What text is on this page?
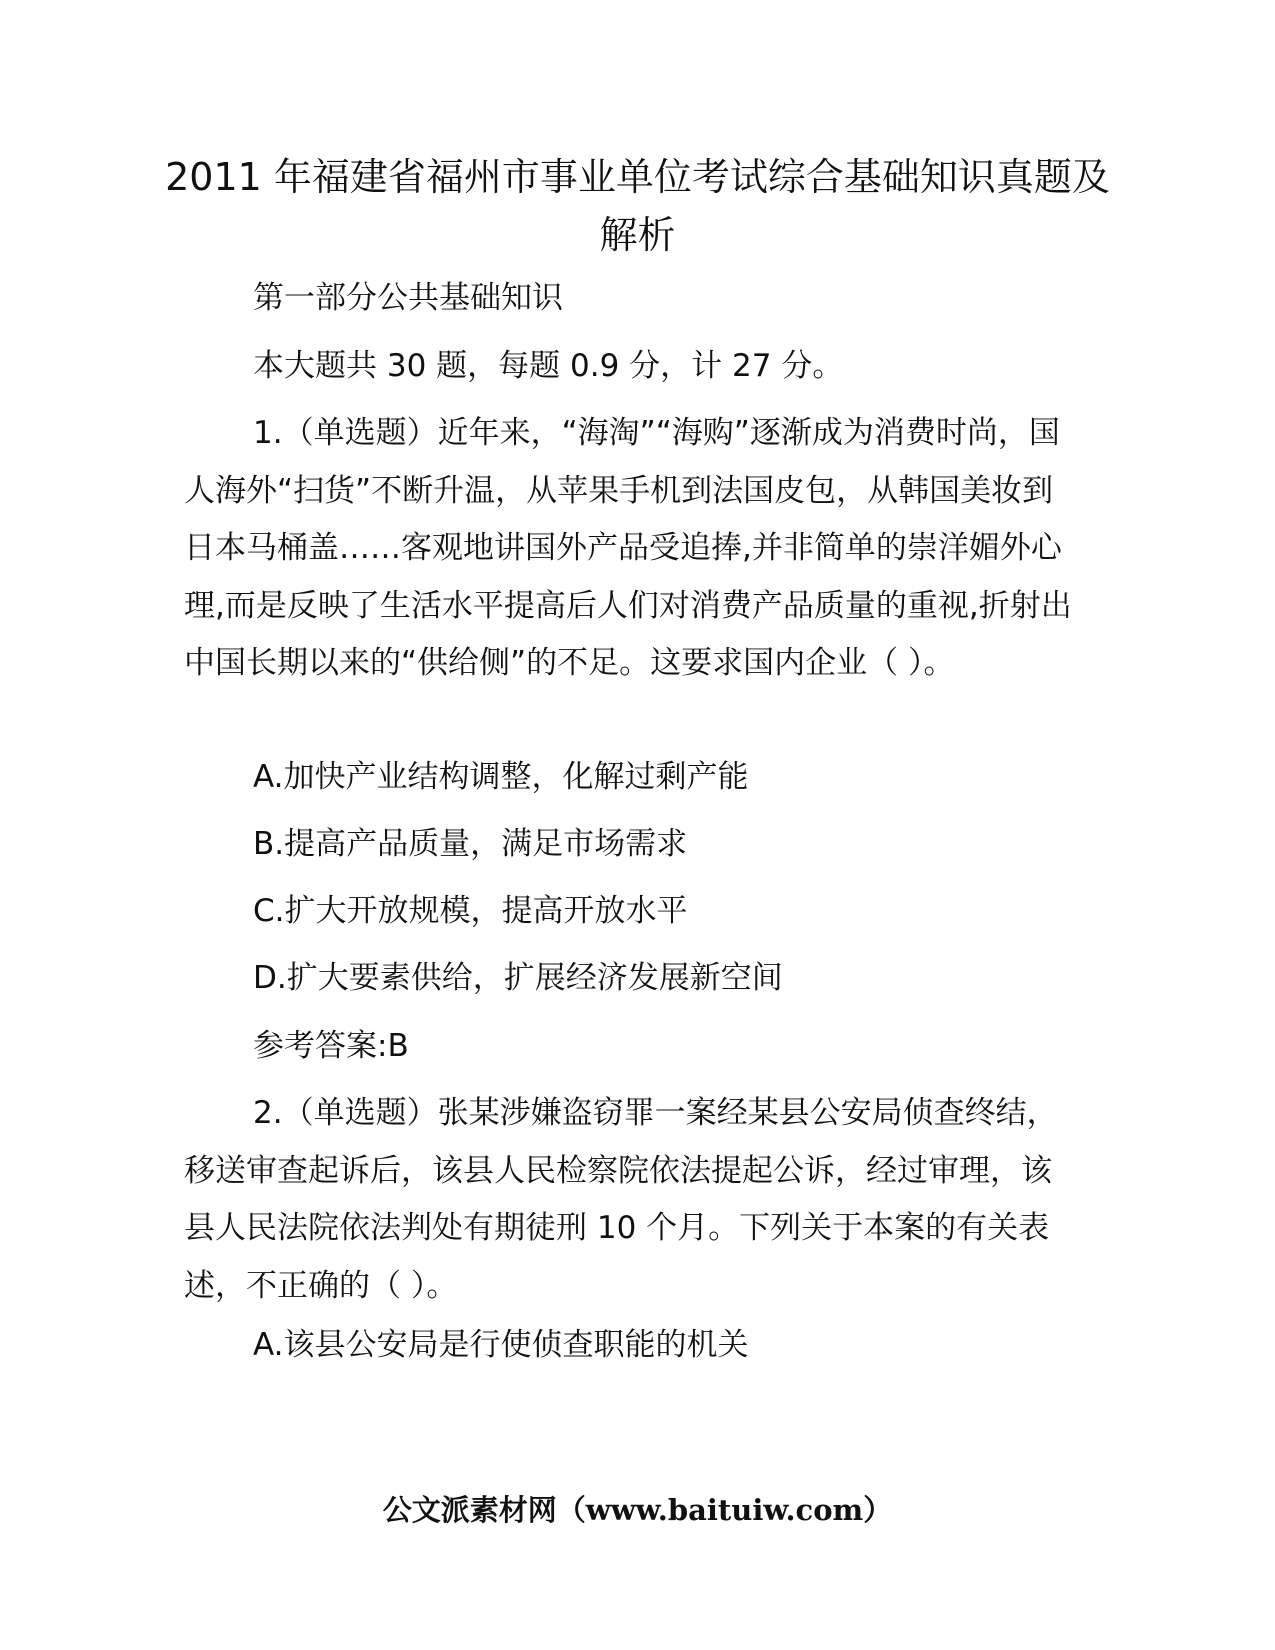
2011 年福建省福州市事业单位考试综合基础知识真题及解析

第一部分公共基础知识

本大题共 30 题，每题 0.9 分，计 27 分。

1.（单选题）近年来，“海淘”“海购”逐渐成为消费时尚，国人海外“扫货”不断升温，从苹果手机到法国皮包，从韩国美妆到日本马桶盖……客观地讲国外产品受追捧,并非简单的崇洋媚外心理,而是反映了生活水平提高后人们对消费产品质量的重视,折射出中国长期以来的“供给侧”的不足。这要求国内企业（ ）。

A.加快产业结构调整，化解过剩产能

B.提高产品质量，满足市场需求

C.扩大开放规模，提高开放水平

D.扩大要素供给，扩展经济发展新空间

参考答案:B

2.（单选题）张某涉嫌盗窃罪一案经某县公安局侦查终结，移送审查起诉后，该县人民检察院依法提起公诉，经过审理，该县人民法院依法判处有期徒刑 10 个月。下列关于本案的有关表述，不正确的（ ）。

A.该县公安局是行使侦查职能的机关

公文派素材网（www.baituiw.com）
